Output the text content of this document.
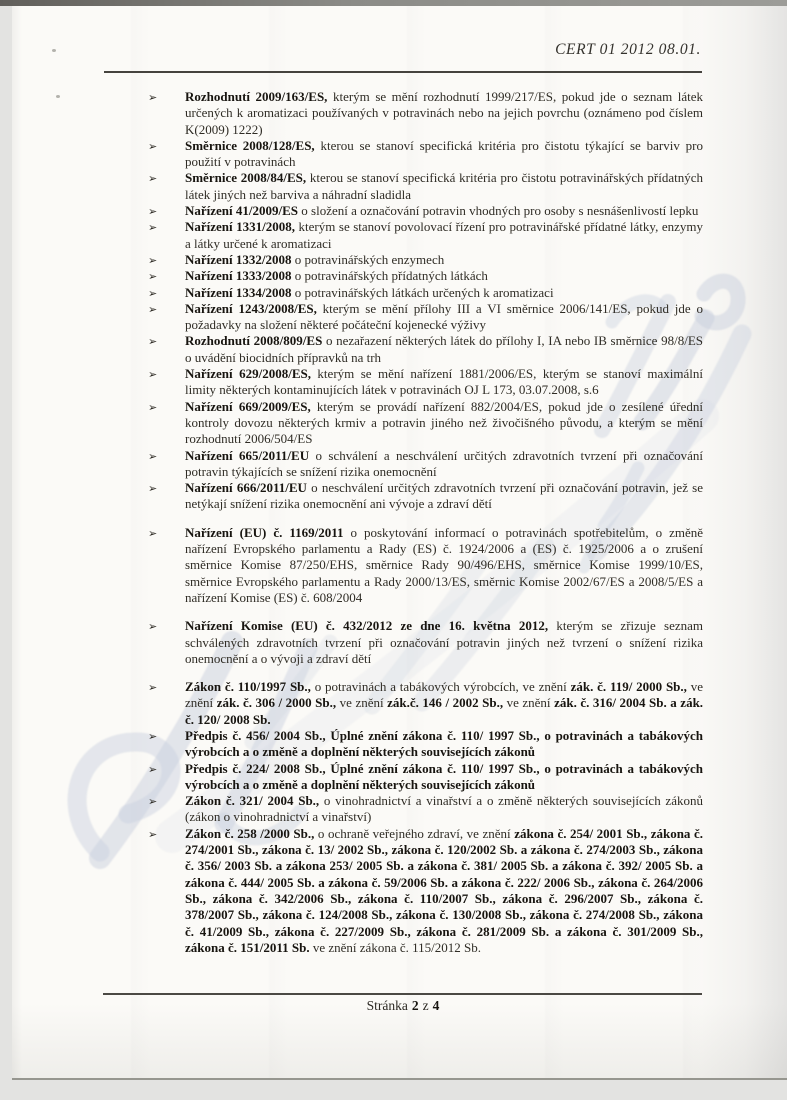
CERT 01 2012 08.01.
➢ Rozhodnutí 2009/163/ES, kterým se mění rozhodnutí 1999/217/ES, pokud jde o seznam látek určených k aromatizaci používaných v potravinách nebo na jejich povrchu (oznámeno pod číslem K(2009) 1222)
➢ Směrnice 2008/128/ES, kterou se stanoví specifická kritéria pro čistotu týkající se barviv pro použití v potravinách
➢ Směrnice 2008/84/ES, kterou se stanoví specifická kritéria pro čistotu potravinářských přídatných látek jiných než barviva a náhradní sladidla
➢ Nařízení 41/2009/ES o složení a označování potravin vhodných pro osoby s nesnášenlivostí lepku
➢ Nařízení 1331/2008, kterým se stanoví povolovací řízení pro potravinářské přídatné látky, enzymy a látky určené k aromatizaci
➢ Nařízení 1332/2008 o potravinářských enzymech
➢ Nařízení 1333/2008 o potravinářských přídatných látkách
➢ Nařízení 1334/2008 o potravinářských látkách určených k aromatizaci
➢ Nařízení 1243/2008/ES, kterým se mění přílohy III a VI směrnice 2006/141/ES, pokud jde o požadavky na složení některé počáteční kojenecké výživy
➢ Rozhodnutí 2008/809/ES o nezařazení některých látek do přílohy I, IA nebo IB směrnice 98/8/ES o uvádění biocidních přípravků na trh
➢ Nařízení 629/2008/ES, kterým se mění nařízení 1881/2006/ES, kterým se stanoví maximální limity některých kontaminujících látek v potravinách OJ L 173, 03.07.2008, s.6
➢ Nařízení 669/2009/ES, kterým se provádí nařízení 882/2004/ES, pokud jde o zesílené úřední kontroly dovozu některých krmiv a potravin jiného než živočišného původu, a kterým se mění rozhodnutí 2006/504/ES
➢ Nařízení 665/2011/EU o schválení a neschválení určitých zdravotních tvrzení při označování potravin týkajících se snížení rizika onemocnění
➢ Nařízení 666/2011/EU o neschválení určitých zdravotních tvrzení při označování potravin, jež se netýkají snížení rizika onemocnění ani vývoje a zdraví dětí
➢ Nařízení (EU) č. 1169/2011 o poskytování informací o potravinách spotřebitelům, o změně nařízení Evropského parlamentu a Rady (ES) č. 1924/2006 a (ES) č. 1925/2006 a o zrušení směrnice Komise 87/250/EHS, směrnice Rady 90/496/EHS, směrnice Komise 1999/10/ES, směrnice Evropského parlamentu a Rady 2000/13/ES, směrnic Komise 2002/67/ES a 2008/5/ES a nařízení Komise (ES) č. 608/2004
➢ Nařízení Komise (EU) č. 432/2012 ze dne 16. května 2012, kterým se zřizuje seznam schválených zdravotních tvrzení při označování potravin jiných než tvrzení o snížení rizika onemocnění a o vývoji a zdraví dětí
➢ Zákon č. 110/1997 Sb., o potravinách a tabákových výrobcích, ve znění zák. č. 119/ 2000 Sb., ve znění zák. č. 306 / 2000 Sb., ve znění zák.č. 146 / 2002 Sb., ve znění zák. č. 316/ 2004 Sb. a zák. č. 120/ 2008 Sb.
➢ Předpis č. 456/ 2004 Sb., Úplné znění zákona č. 110/ 1997 Sb., o potravinách a tabákových výrobcích a o změně a doplnění některých souvisejících zákonů
➢ Předpis č. 224/ 2008 Sb., Úplné znění zákona č. 110/ 1997 Sb., o potravinách a tabákových výrobcích a o změně a doplnění některých souvisejících zákonů
➢ Zákon č. 321/ 2004 Sb., o vinohradnictví a vinařství a o změně některých souvisejících zákonů (zákon o vinohradnictví a vinařství)
➢ Zákon č. 258 /2000 Sb., o ochraně veřejného zdraví, ve znění zákona č. 254/ 2001 Sb., zákona č. 274/2001 Sb., zákona č. 13/ 2002 Sb., zákona č. 120/2002 Sb. a zákona č. 274/2003 Sb., zákona č. 356/ 2003 Sb. a zákona 253/ 2005 Sb. a zákona č. 381/ 2005 Sb. a zákona č. 392/ 2005 Sb. a zákona č. 444/ 2005 Sb. a zákona č. 59/2006 Sb. a zákona č. 222/ 2006 Sb., zákona č. 264/2006 Sb., zákona č. 342/2006 Sb., zákona č. 110/2007 Sb., zákona č. 296/2007 Sb., zákona č. 378/2007 Sb., zákona č. 124/2008 Sb., zákona č. 130/2008 Sb., zákona č. 274/2008 Sb., zákona č. 41/2009 Sb., zákona č. 227/2009 Sb., zákona č. 281/2009 Sb. a zákona č. 301/2009 Sb., zákona č. 151/2011 Sb. ve znění zákona č. 115/2012 Sb.
Stránka 2 z 4
